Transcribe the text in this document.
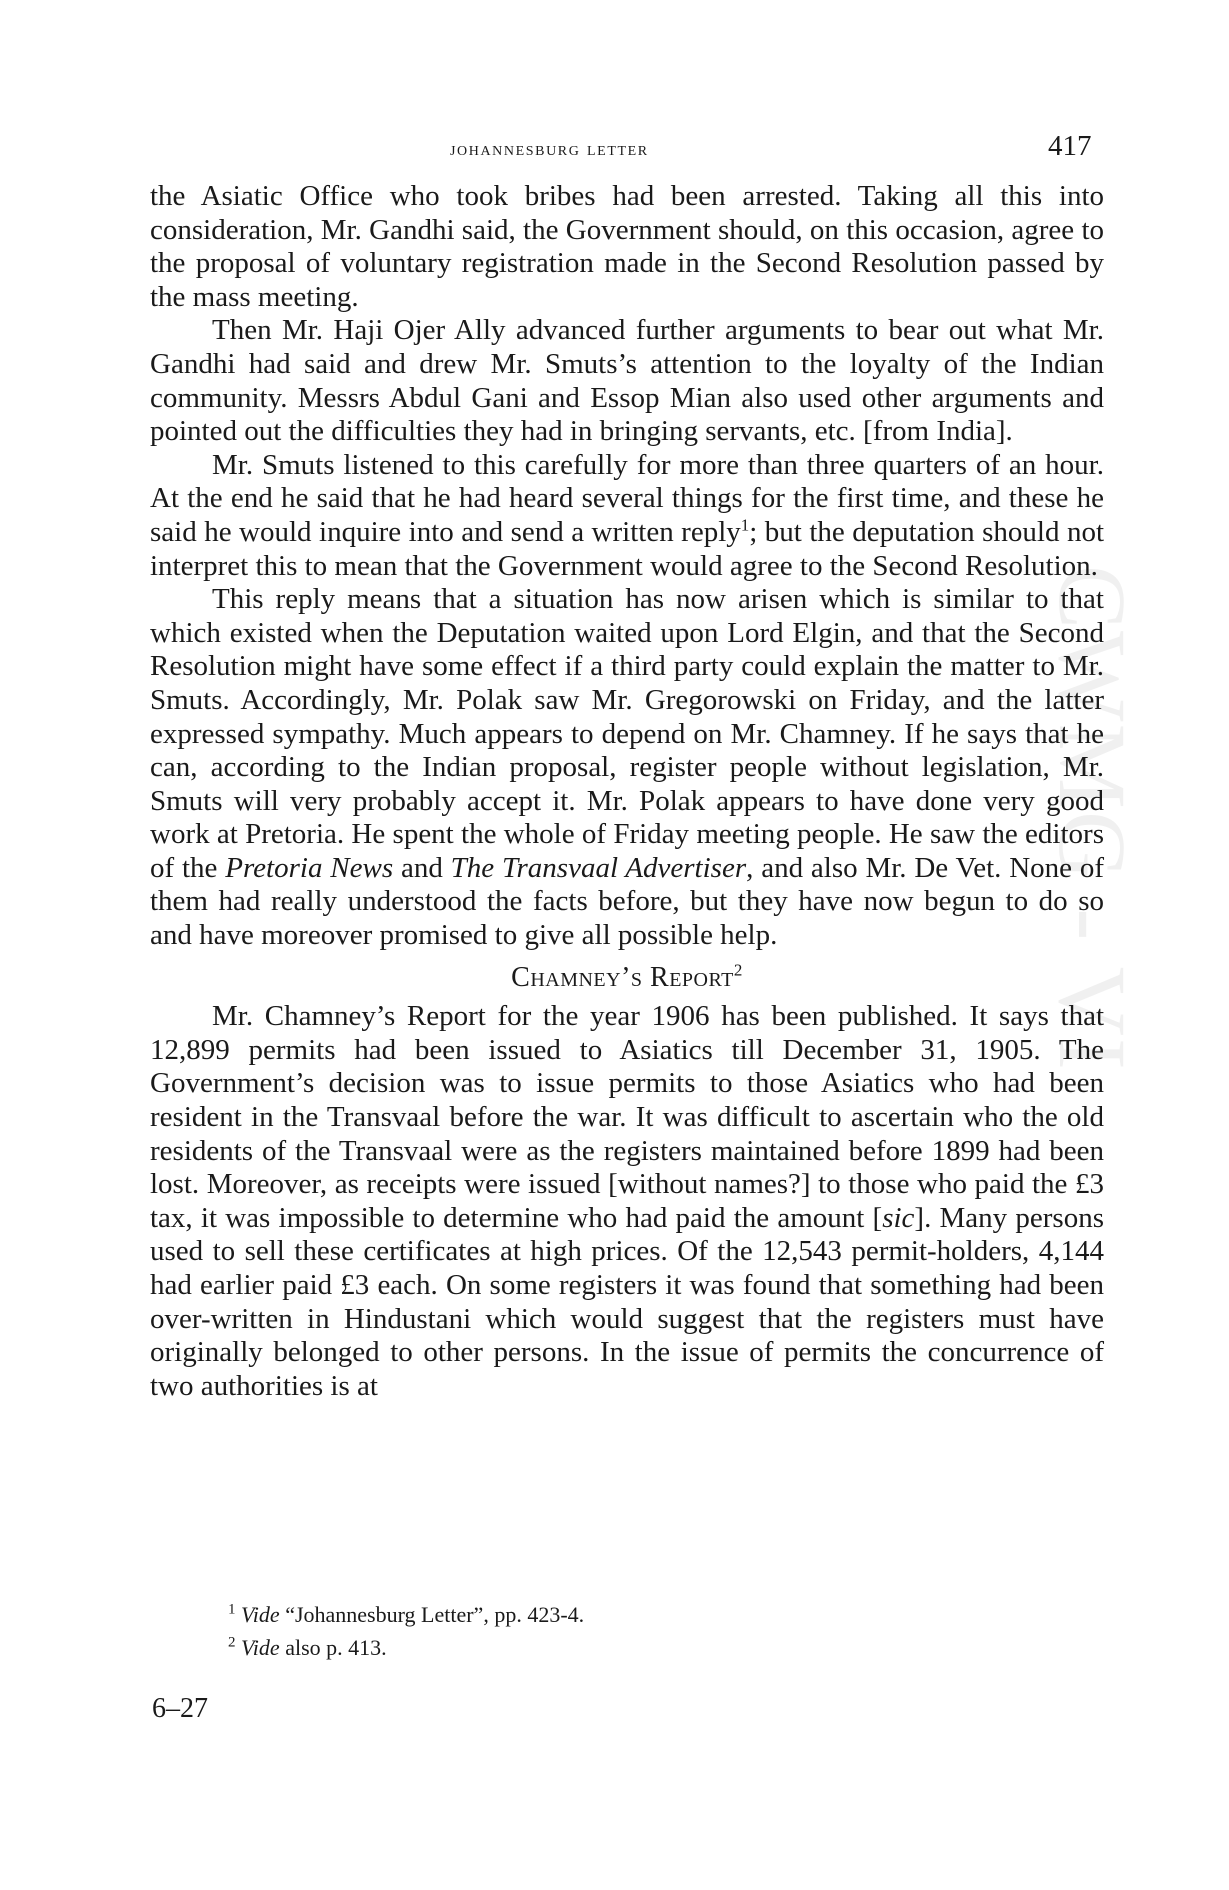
johannesburg letter	417
CWMG - VI

the Asiatic Office who took bribes had been arrested. Taking all this into consideration, Mr. Gandhi said, the Government should, on this occasion, agree to the proposal of voluntary registration made in the Second Resolution passed by the mass meeting.

Then Mr. Haji Ojer Ally advanced further arguments to bear out what Mr. Gandhi had said and drew Mr. Smuts’s attention to the loyalty of the Indian community. Messrs Abdul Gani and Essop Mian also used other arguments and pointed out the difficulties they had in bringing servants, etc. [from India].

Mr. Smuts listened to this carefully for more than three quarters of an hour. At the end he said that he had heard several things for the first time, and these he said he would inquire into and send a written reply$^1$; but the deputation should not interpret this to mean that the Government would agree to the Second Resolution.

This reply means that a situation has now arisen which is similar to that which existed when the Deputation waited upon Lord Elgin, and that the Second Resolution might have some effect if a third party could explain the matter to Mr. Smuts. Accordingly, Mr. Polak saw Mr. Gregorowski on Friday, and the latter expressed sympathy. Much appears to depend on Mr. Chamney. If he says that he can, according to the Indian proposal, register people without legislation, Mr. Smuts will very probably accept it. Mr. Polak appears to have done very good work at Pretoria. He spent the whole of Friday meeting people. He saw the editors of the Pretoria News and The Transvaal Advertiser, and also Mr. De Vet. None of them had really understood the facts before, but they have now begun to do so and have moreover promised to give all possible help.

Chamney’s Report$^2$

Mr. Chamney’s Report for the year 1906 has been published. It says that 12,899 permits had been issued to Asiatics till December 31, 1905. The Government’s decision was to issue permits to those Asiatics who had been resident in the Transvaal before the war. It was difficult to ascertain who the old residents of the Transvaal were as the registers maintained before 1899 had been lost. Moreover, as receipts were issued [without names?] to those who paid the £3 tax, it was impossible to determine who had paid the amount [sic]. Many persons used to sell these certificates at high prices. Of the 12,543 permit-holders, 4,144 had earlier paid £3 each. On some registers it was found that something had been over-written in Hindustani which would suggest that the registers must have originally belonged to other persons. In the issue of permits the concurrence of two authorities is at

$^1$ Vide “Johannesburg Letter”, pp. 423-4.
$^2$ Vide also p. 413.
6–27
